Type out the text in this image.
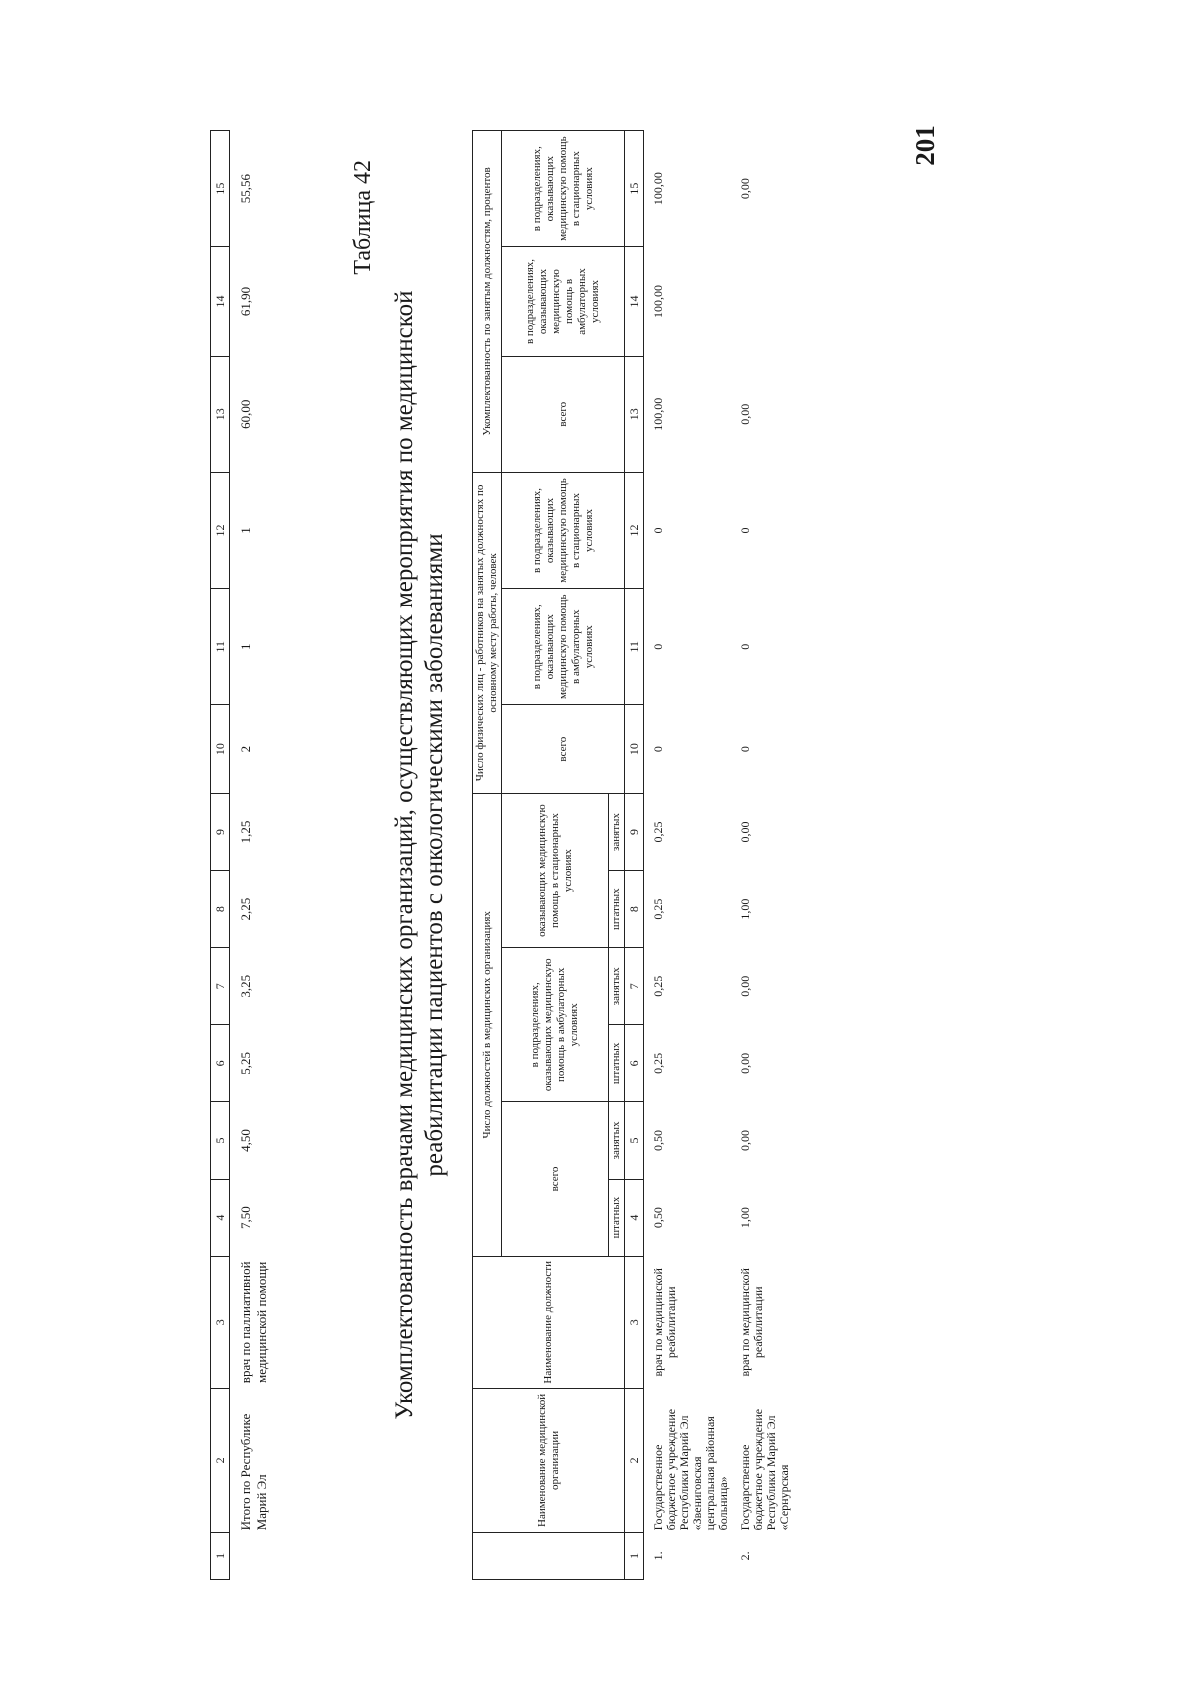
201
1	2	3	4	5	6	7	8	9	10	11	12	13	14	15
	Итого по Республике Марий Эл	врач по паллиативной медицинской помощи	7,50	4,50	5,25	3,25	2,25	1,25	2	1	1	60,00	61,90	55,56	Таблица 42
Укомплектованность врачами медицинских организаций, осуществляющих мероприятия по медицинской реабилитации пациентов с онкологическими заболеваниями
	Наименование медицинской организации	Наименование должности	Число должностей в медицинских организациях						Число физических лиц - работников на занятых должностях по основному месту работы, человек			Укомплектованность по занятым должностям, процентов		
			всего		в подразделениях, оказывающих медицинскую помощь в амбулаторных условиях		оказывающих медицинскую помощь в стационарных условиях		всего	в подразделениях, оказывающих медицинскую помощь в амбулаторных условиях	в подразделениях, оказывающих медицинскую помощь в стационарных условиях	всего	в подразделениях, оказывающих медицинскую помощь в амбулаторных условиях	в подразделениях, оказывающих медицинскую помощь в стационарных условиях
			штатных	занятых	штатных	занятых	штатных	занятых						
1	2	3	4	5	6	7	8	9	10	11	12	13	14	15
1.	Государственное бюджетное учреждение Республики Марий Эл «Звениговская центральная районная больница»	врач по медицинской реабилитации	0,50	0,50	0,25	0,25	0,25	0,25	0	0	0	100,00	100,00	100,00
2.	Государственное бюджетное учреждение Республики Марий Эл «Сернурская	врач по медицинской реабилитации	1,00	0,00	0,00	0,00	1,00	0,00	0	0	0	0,00		0,00
